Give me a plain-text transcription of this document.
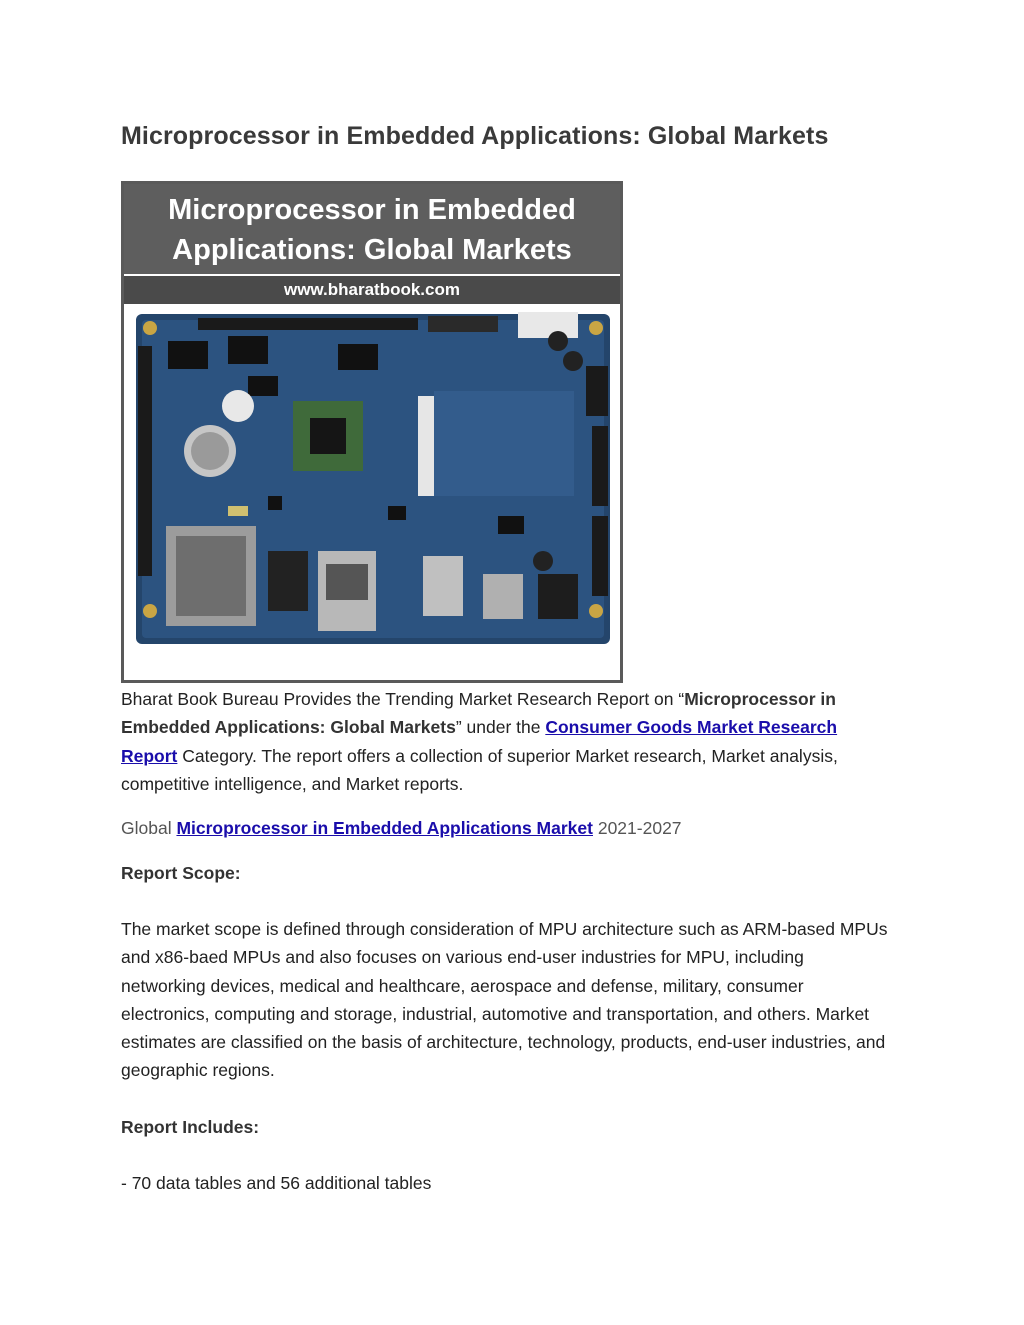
Microprocessor in Embedded Applications: Global Markets
Microprocessor in Embedded
Applications: Global Markets
www.bharatbook.com

Bharat Book Bureau Provides the Trending Market Research Report on “Microprocessor in Embedded Applications: Global Markets” under the Consumer Goods Market Research Report Category. The report offers a collection of superior Market research, Market analysis, competitive intelligence, and Market reports.

Global Microprocessor in Embedded Applications Market 2021-2027

Report Scope:

The market scope is defined through consideration of MPU architecture such as ARM-based MPUs and x86-baed MPUs and also focuses on various end-user industries for MPU, including networking devices, medical and healthcare, aerospace and defense, military, consumer electronics, computing and storage, industrial, automotive and transportation, and others. Market estimates are classified on the basis of architecture, technology, products, end-user industries, and geographic regions.

Report Includes:

- 70 data tables and 56 additional tables
